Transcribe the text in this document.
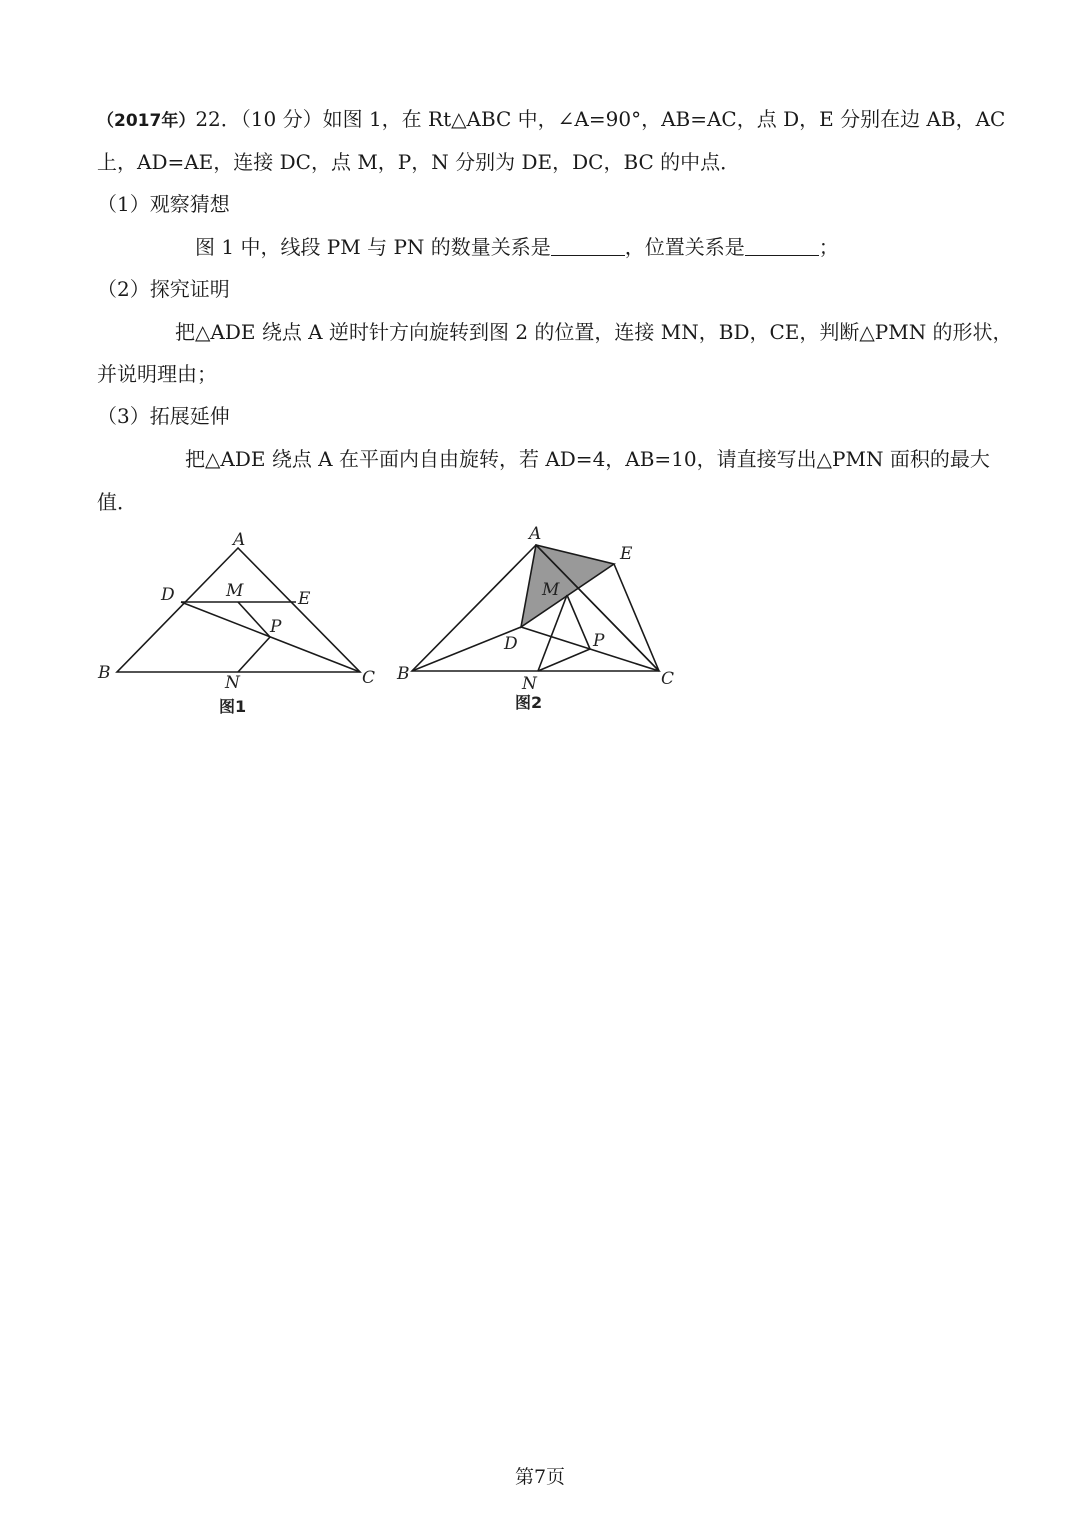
（2017年）22．（10 分）如图 1，在 Rt△ABC 中，∠A=90°，AB=AC，点 D，E 分别在边 AB，AC
上，AD=AE，连接 DC，点 M，P，N 分别为 DE，DC，BC 的中点．
（1）观察猜想
图 1 中，线段 PM 与 PN 的数量关系是	，位置关系是	；
（2）探究证明
把△ADE 绕点 A 逆时针方向旋转到图 2 的位置，连接 MN，BD，CE，判断△PMN 的形状，
并说明理由；
（3）拓展延伸
把△ADE 绕点 A 在平面内自由旋转，若 AD=4，AB=10，请直接写出△PMN 面积的最大
值．
A
B	C
D	E
M
P
N
图1
A
B	C
D
E
M
P
N
图2
第7页
